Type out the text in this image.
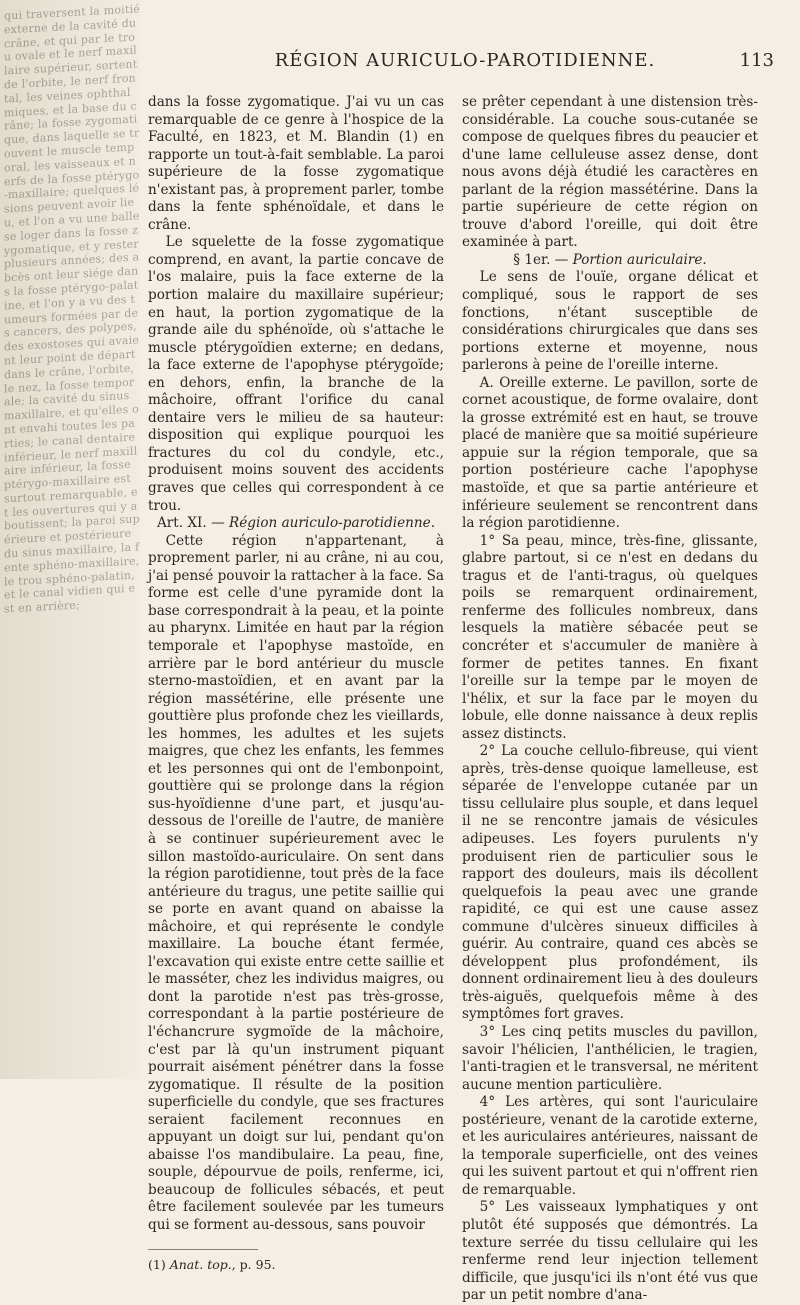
qui traversent la moitié externe de la cavité du crâne, et qui par le trou ovale et le nerf maxillaire supérieur, sortent de l'orbite, le nerf frontal, les veines ophthalmiques, et la base du crâne; la fosse zygomatique, dans laquelle se trouvent le muscle temporal, les vaisseaux et nerfs de la fosse ptérygo-maxillaire; quelques lésions peuvent avoir lieu, et l'on a vu une balle se loger dans la fosse zygomatique, et y rester plusieurs années; des abcès ont leur siége dans la fosse ptérygo-palatine, et l'on y a vu des tumeurs formées par des cancers, des polypes, des exostoses qui avaient leur point de départ dans le crâne, l'orbite, le nez, la fosse temporale; la cavité du sinus maxillaire, et qu'elles ont envahi toutes les parties; le canal dentaire inférieur, le nerf maxillaire inférieur, la fosse ptérygo-maxillaire est surtout remarquable, et les ouvertures qui y aboutissent; la paroi supérieure et postérieure du sinus maxillaire, la fente sphéno-maxillaire, le trou sphéno-palatin, et le canal vidien qui est en arrière;

RÉGION AURICULO-PAROTIDIENNE.	113

dans la fosse zygomatique. J'ai vu un cas remarquable de ce genre à l'hospice de la Faculté, en 1823, et M. Blandin (1) en rapporte un tout-à-fait semblable. La paroi supérieure de la fosse zygomatique n'existant pas, à proprement parler, tombe dans la fente sphénoïdale, et dans le crâne.

Le squelette de la fosse zygomatique comprend, en avant, la partie concave de l'os malaire, puis la face externe de la portion malaire du maxillaire supérieur; en haut, la portion zygomatique de la grande aile du sphénoïde, où s'attache le muscle ptérygoïdien externe; en dedans, la face externe de l'apophyse ptérygoïde; en dehors, enfin, la branche de la mâchoire, offrant l'orifice du canal dentaire vers le milieu de sa hauteur: disposition qui explique pourquoi les fractures du col du condyle, etc., produisent moins souvent des accidents graves que celles qui correspondent à ce trou.

Art. XI. — Région auriculo-parotidienne.

Cette région n'appartenant, à proprement parler, ni au crâne, ni au cou, j'ai pensé pouvoir la rattacher à la face. Sa forme est celle d'une pyramide dont la base correspondrait à la peau, et la pointe au pharynx. Limitée en haut par la région temporale et l'apophyse mastoïde, en arrière par le bord antérieur du muscle sterno-mastoïdien, et en avant par la région massétérine, elle présente une gouttière plus profonde chez les vieillards, les hommes, les adultes et les sujets maigres, que chez les enfants, les femmes et les personnes qui ont de l'embonpoint, gouttière qui se prolonge dans la région sus-hyoïdienne d'une part, et jusqu'au-dessous de l'oreille de l'autre, de manière à se continuer supérieurement avec le sillon mastoïdo-auriculaire. On sent dans la région parotidienne, tout près de la face antérieure du tragus, une petite saillie qui se porte en avant quand on abaisse la mâchoire, et qui représente le condyle maxillaire. La bouche étant fermée, l'excavation qui existe entre cette saillie et le masséter, chez les individus maigres, ou dont la parotide n'est pas très-grosse, correspondant à la partie postérieure de l'échancrure sygmoïde de la mâchoire, c'est par là qu'un instrument piquant pourrait aisément pénétrer dans la fosse zygomatique. Il résulte de la position superficielle du condyle, que ses fractures seraient facilement reconnues en appuyant un doigt sur lui, pendant qu'on abaisse l'os mandibulaire. La peau, fine, souple, dépourvue de poils, renferme, ici, beaucoup de follicules sébacés, et peut être facilement soulevée par les tumeurs qui se forment au-dessous, sans pouvoir

(1) Anat. top., p. 95.

se prêter cependant à une distension très-considérable. La couche sous-cutanée se compose de quelques fibres du peaucier et d'une lame celluleuse assez dense, dont nous avons déjà étudié les caractères en parlant de la région massétérine. Dans la partie supérieure de cette région on trouve d'abord l'oreille, qui doit être examinée à part.

§ 1er. — Portion auriculaire.

Le sens de l'ouïe, organe délicat et compliqué, sous le rapport de ses fonctions, n'étant susceptible de considérations chirurgicales que dans ses portions externe et moyenne, nous parlerons à peine de l'oreille interne.

A. Oreille externe. Le pavillon, sorte de cornet acoustique, de forme ovalaire, dont la grosse extrémité est en haut, se trouve placé de manière que sa moitié supérieure appuie sur la région temporale, que sa portion postérieure cache l'apophyse mastoïde, et que sa partie antérieure et inférieure seulement se rencontrent dans la région parotidienne.

1° Sa peau, mince, très-fine, glissante, glabre partout, si ce n'est en dedans du tragus et de l'anti-tragus, où quelques poils se remarquent ordinairement, renferme des follicules nombreux, dans lesquels la matière sébacée peut se concréter et s'accumuler de manière à former de petites tannes. En fixant l'oreille sur la tempe par le moyen de l'hélix, et sur la face par le moyen du lobule, elle donne naissance à deux replis assez distincts.

2° La couche cellulo-fibreuse, qui vient après, très-dense quoique lamelleuse, est séparée de l'enveloppe cutanée par un tissu cellulaire plus souple, et dans lequel il ne se rencontre jamais de vésicules adipeuses. Les foyers purulents n'y produisent rien de particulier sous le rapport des douleurs, mais ils décollent quelquefois la peau avec une grande rapidité, ce qui est une cause assez commune d'ulcères sinueux difficiles à guérir. Au contraire, quand ces abcès se développent plus profondément, ils donnent ordinairement lieu à des douleurs très-aiguës, quelquefois même à des symptômes fort graves.

3° Les cinq petits muscles du pavillon, savoir l'hélicien, l'anthélicien, le tragien, l'anti-tragien et le transversal, ne méritent aucune mention particulière.

4° Les artères, qui sont l'auriculaire postérieure, venant de la carotide externe, et les auriculaires antérieures, naissant de la temporale superficielle, ont des veines qui les suivent partout et qui n'offrent rien de remarquable.

5° Les vaisseaux lymphatiques y ont plutôt été supposés que démontrés. La texture serrée du tissu cellulaire qui les renferme rend leur injection tellement difficile, que jusqu'ici ils n'ont été vus que par un petit nombre d'ana-
